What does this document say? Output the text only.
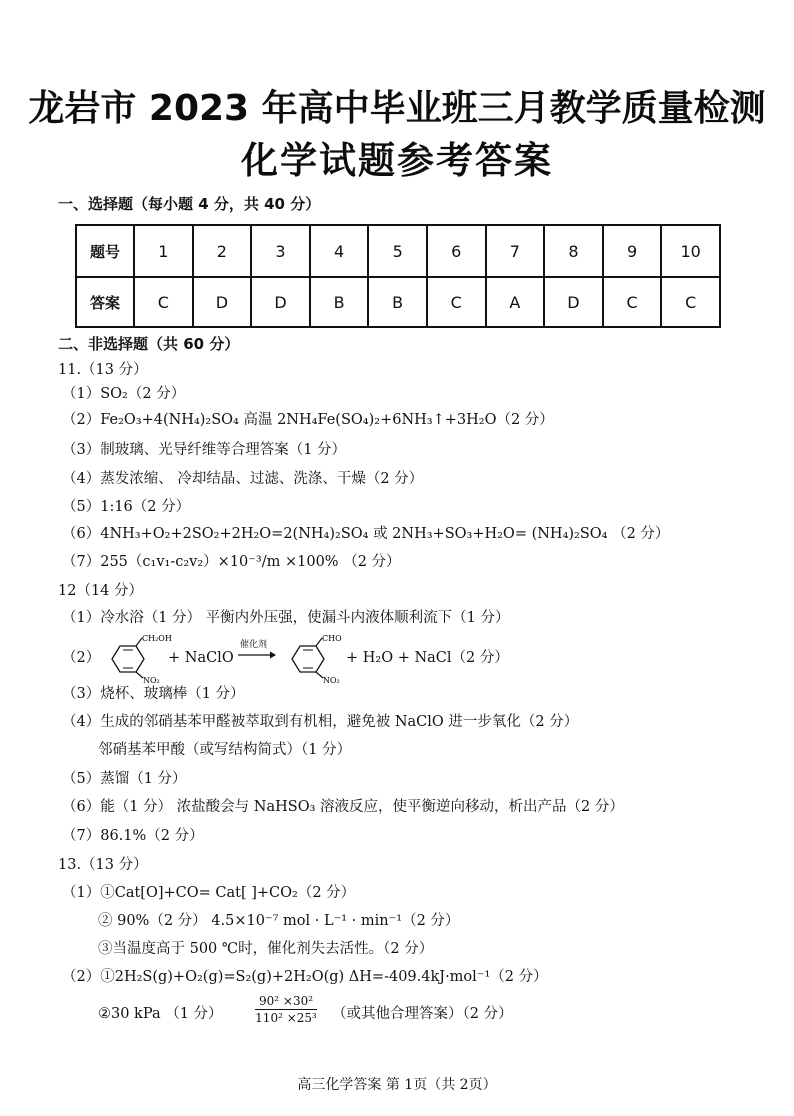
龙岩市 2023 年高中毕业班三月教学质量检测
化学试题参考答案
一、选择题（每小题 4 分，共 40 分）
题号	1	2	3	4	5	6	7	8	9	10
答案	C	D	D	B	B	C	A	D	C	C
二、非选择题（共 60 分）
11.（13 分）
（1）SO₂（2 分）
（2）Fe₂O₃+4(NH₄)₂SO₄ 高温 2NH₄Fe(SO₄)₂+6NH₃↑+3H₂O（2 分）
（3）制玻璃、光导纤维等合理答案（1 分）
（4）蒸发浓缩、 冷却结晶、过滤、洗涤、干燥（2 分）
（5）1:16（2 分）
（6）4NH₃+O₂+2SO₂+2H₂O=2(NH₄)₂SO₄ 或 2NH₃+SO₃+H₂O= (NH₄)₂SO₄ （2 分）
（7）255（c₁v₁-c₂v₂）×10⁻³/m ×100% （2 分）
12（14 分）
（1）冷水浴（1 分） 平衡内外压强，使漏斗内液体顺利流下（1 分）
（2）
CH₂OH
NO₂
+ NaClO
催化剂
CHO
NO₂
+ H₂O + NaCl（2 分）
（3）烧杯、玻璃棒（1 分）
（4）生成的邻硝基苯甲醛被萃取到有机相，避免被 NaClO 进一步氧化（2 分）
邻硝基苯甲酸（或写结构简式）（1 分）
（5）蒸馏（1 分）
（6）能（1 分） 浓盐酸会与 NaHSO₃ 溶液反应，使平衡逆向移动，析出产品（2 分）
（7）86.1%（2 分）
13.（13 分）
（1）①Cat[O]+CO= Cat[ ]+CO₂（2 分）
② 90%（2 分） 4.5×10⁻⁷ mol · L⁻¹ · min⁻¹（2 分）
③当温度高于 500 ℃时，催化剂失去活性。（2 分）
（2）①2H₂S(g)+O₂(g)=S₂(g)+2H₂O(g) ΔH=-409.4kJ·mol⁻¹（2 分）
②30 kPa （1 分）	$\frac{\text{90² ×30²}}{\text{110² ×25³}}$ （或其他合理答案）（2 分）
高三化学答案 第 1页（共 2页）
